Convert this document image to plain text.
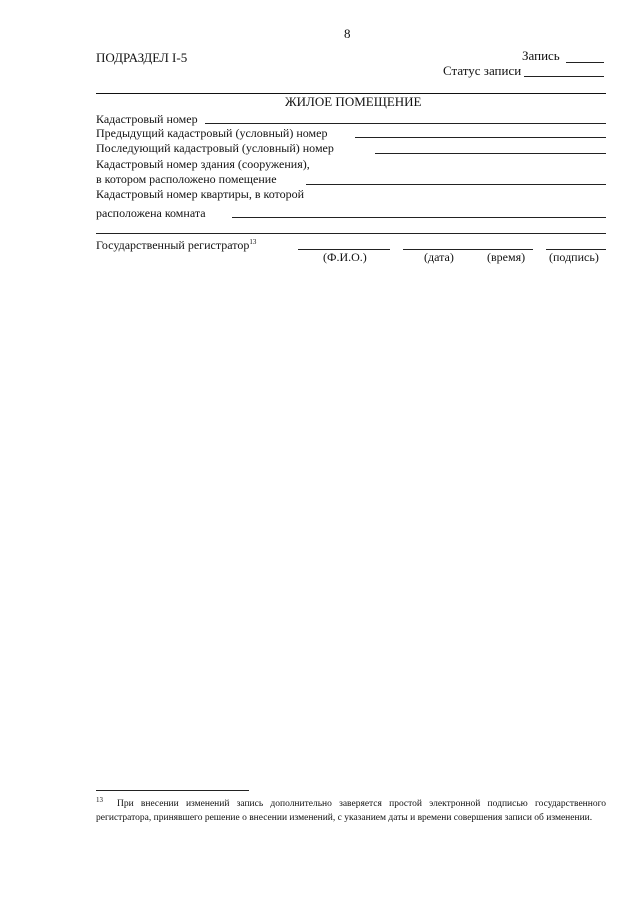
8
ПОДРАЗДЕЛ I-5	Запись
Статус записи
ЖИЛОЕ ПОМЕЩЕНИЕ
Кадастровый номер
Предыдущий кадастровый (условный) номер
Последующий кадастровый (условный) номер
Кадастровый номер здания (сооружения),
в котором расположено помещение
Кадастровый номер квартиры, в которой
расположена комната
Государственный регистратор$^{13}$
(Ф.И.О.)	(дата)	(время) (подпись)
$^{13}$ При внесении изменений запись дополнительно заверяется простой электронной подписью государственного регистратора, принявшего решение о внесении изменений, с указанием даты и времени совершения записи об изменении.
